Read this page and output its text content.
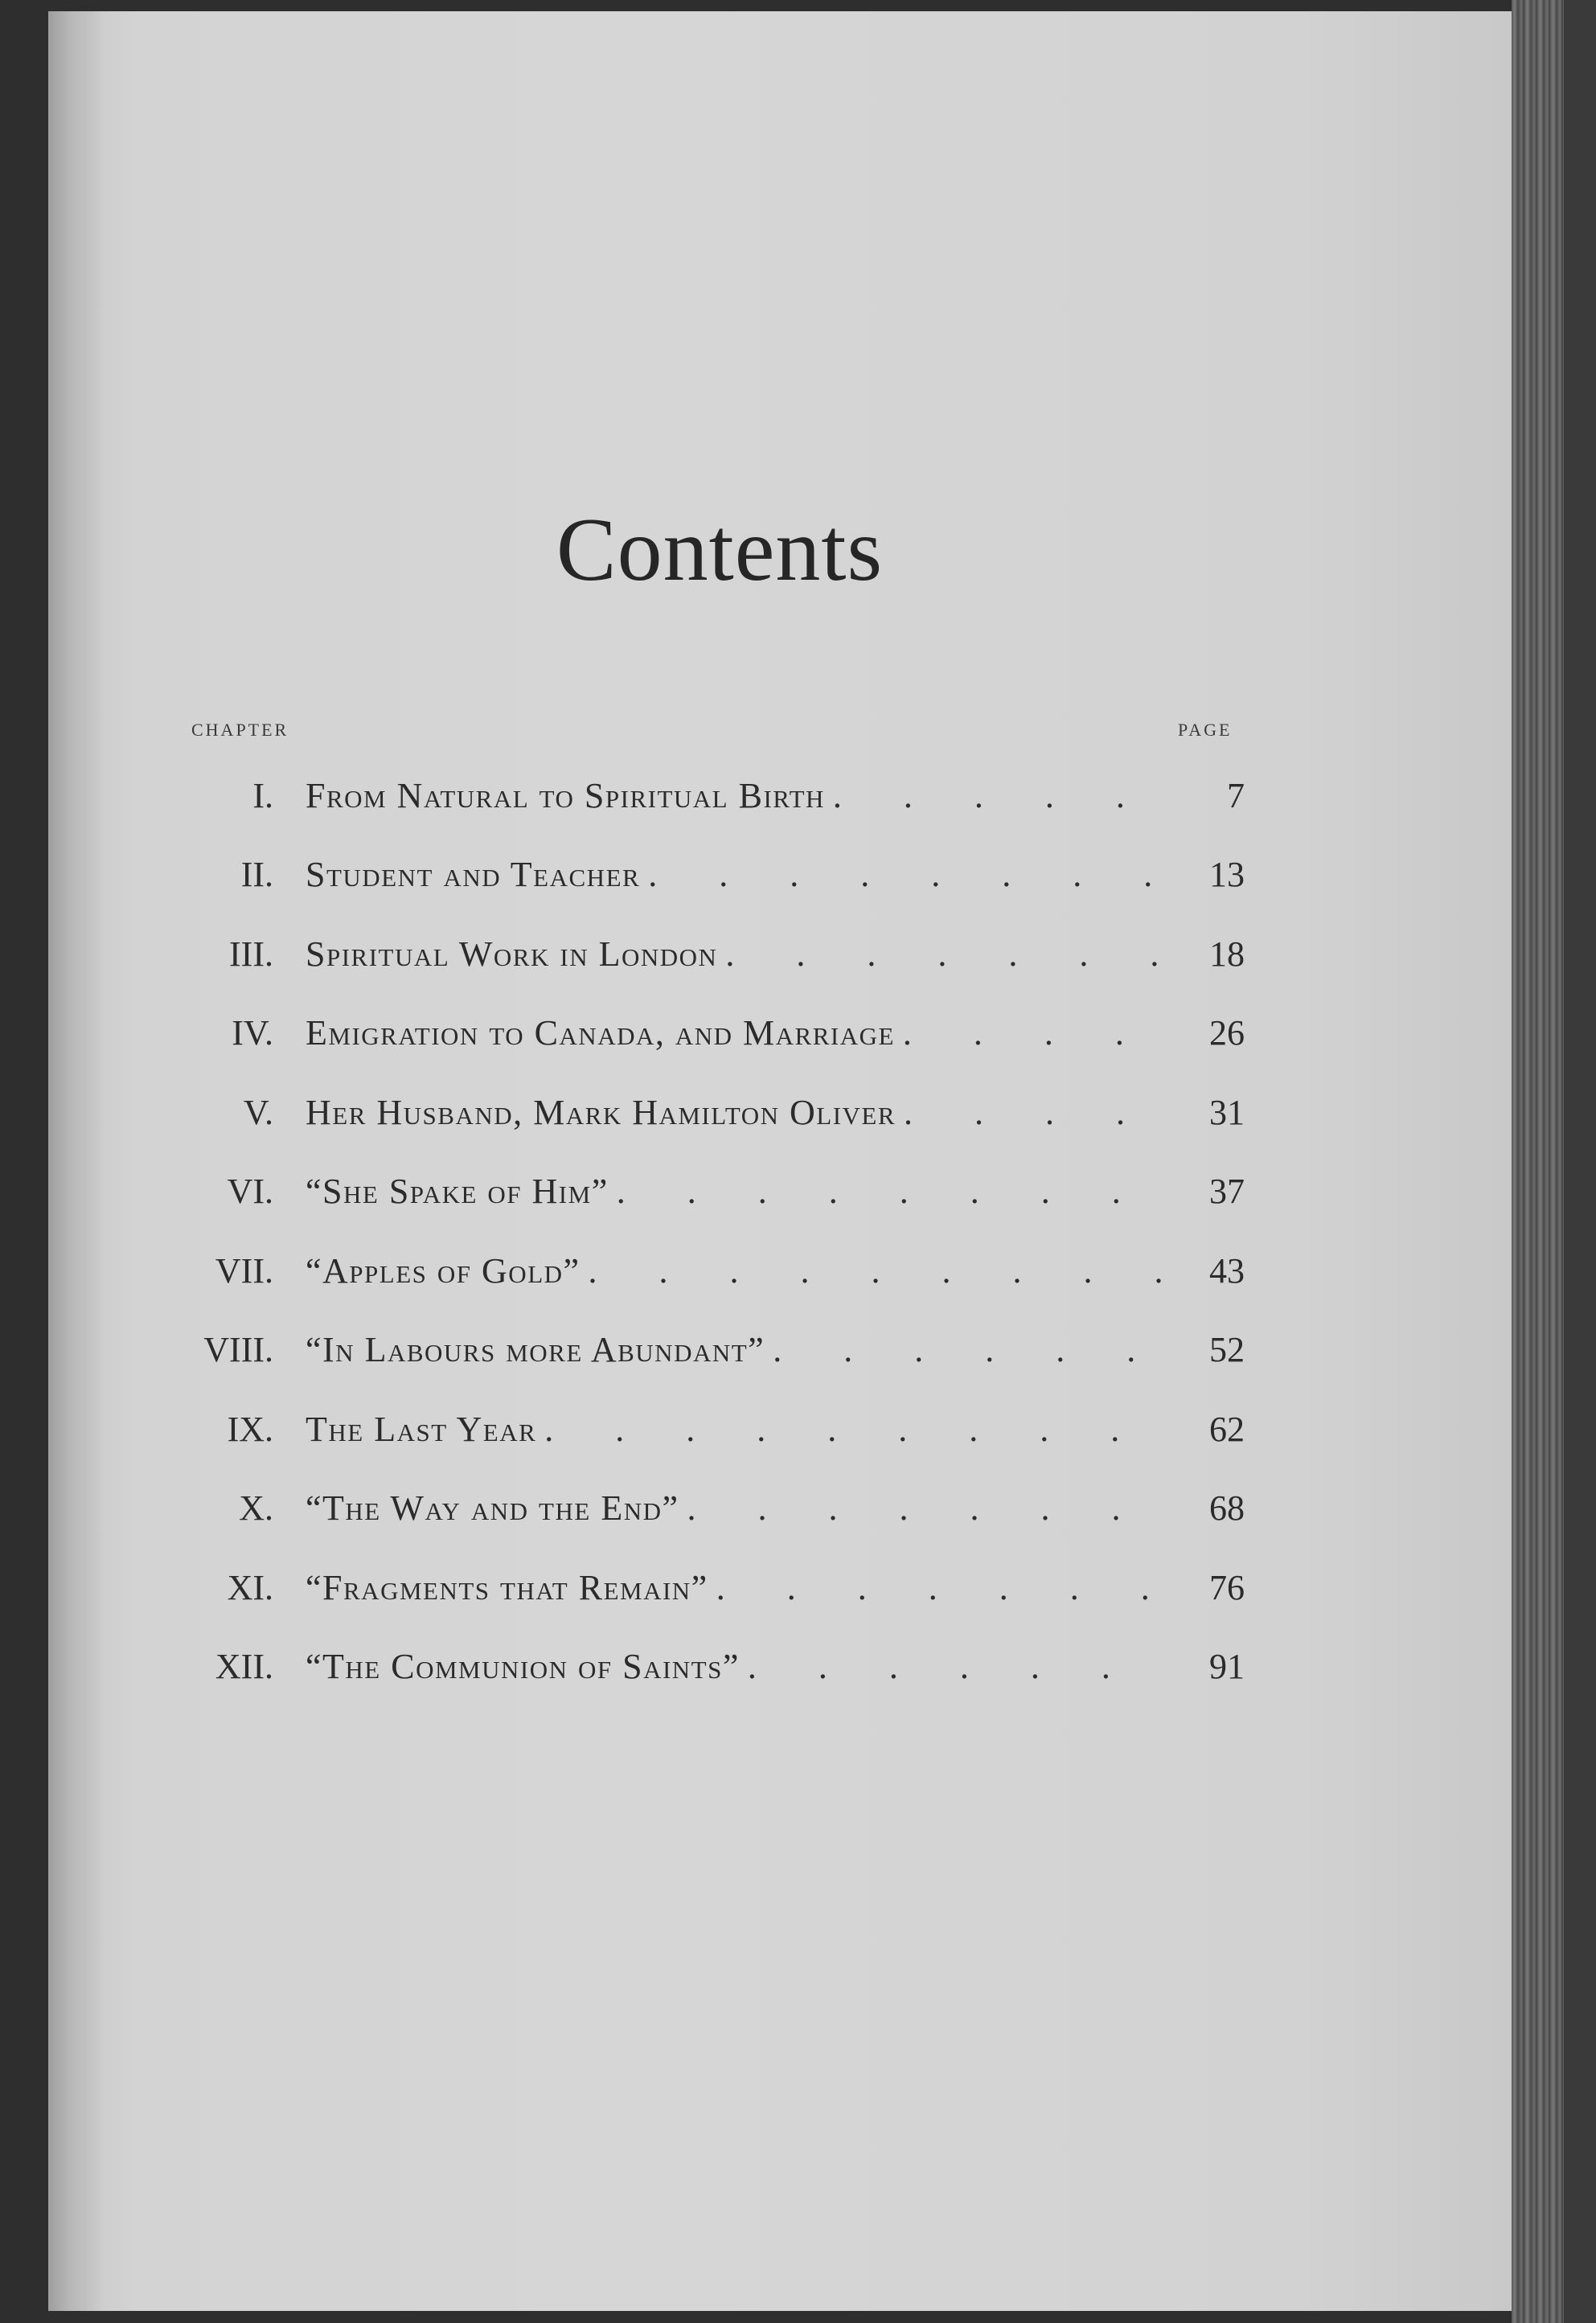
Contents
CHAPTER	PAGE
I. From Natural to Spiritual Birth .	7
II. Student and Teacher .	13
III. Spiritual Work in London .	18
IV. Emigration to Canada, and Marriage .	26
V. Her Husband, Mark Hamilton Oliver .	31
VI. “She Spake of Him” .	37
VII. “Apples of Gold” .	43
VIII. “In Labours more Abundant” .	52
IX. The Last Year .	62
X. “The Way and the End” .	68
XI. “Fragments that Remain” .	76
XII. “The Communion of Saints” .	91
